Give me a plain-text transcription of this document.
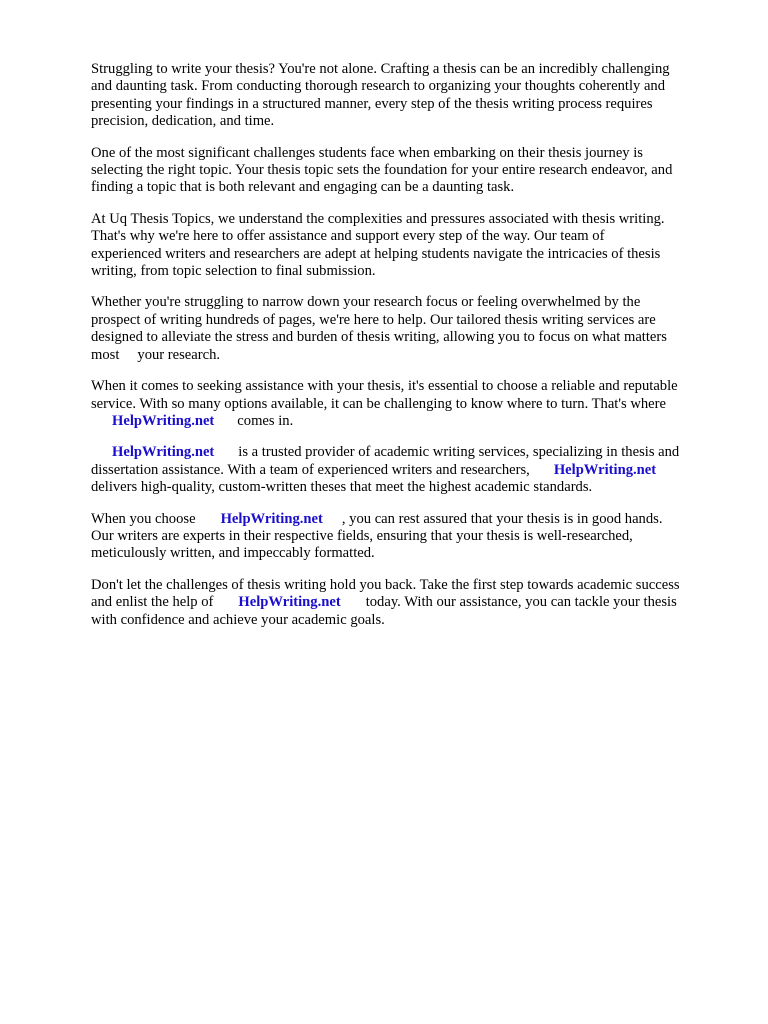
Struggling to write your thesis? You're not alone. Crafting a thesis can be an incredibly challenging
and daunting task. From conducting thorough research to organizing your thoughts coherently and
presenting your findings in a structured manner, every step of the thesis writing process requires
precision, dedication, and time.

One of the most significant challenges students face when embarking on their thesis journey is
selecting the right topic. Your thesis topic sets the foundation for your entire research endeavor, and
finding a topic that is both relevant and engaging can be a daunting task.

At Uq Thesis Topics, we understand the complexities and pressures associated with thesis writing.
That's why we're here to offer assistance and support every step of the way. Our team of
experienced writers and researchers are adept at helping students navigate the intricacies of thesis
writing, from topic selection to final submission.

Whether you're struggling to narrow down your research focus or feeling overwhelmed by the
prospect of writing hundreds of pages, we're here to help. Our tailored thesis writing services are
designed to alleviate the stress and burden of thesis writing, allowing you to focus on what matters
most your research.

When it comes to seeking assistance with your thesis, it's essential to choose a reliable and reputable
service. With so many options available, it can be challenging to know where to turn. That's where
HelpWriting.net comes in.

HelpWriting.net is a trusted provider of academic writing services, specializing in thesis and
dissertation assistance. With a team of experienced writers and researchers, HelpWriting.net
delivers high-quality, custom-written theses that meet the highest academic standards.

When you choose HelpWriting.net , you can rest assured that your thesis is in good hands.
Our writers are experts in their respective fields, ensuring that your thesis is well-researched,
meticulously written, and impeccably formatted.

Don't let the challenges of thesis writing hold you back. Take the first step towards academic success
and enlist the help of HelpWriting.net today. With our assistance, you can tackle your thesis
with confidence and achieve your academic goals.
